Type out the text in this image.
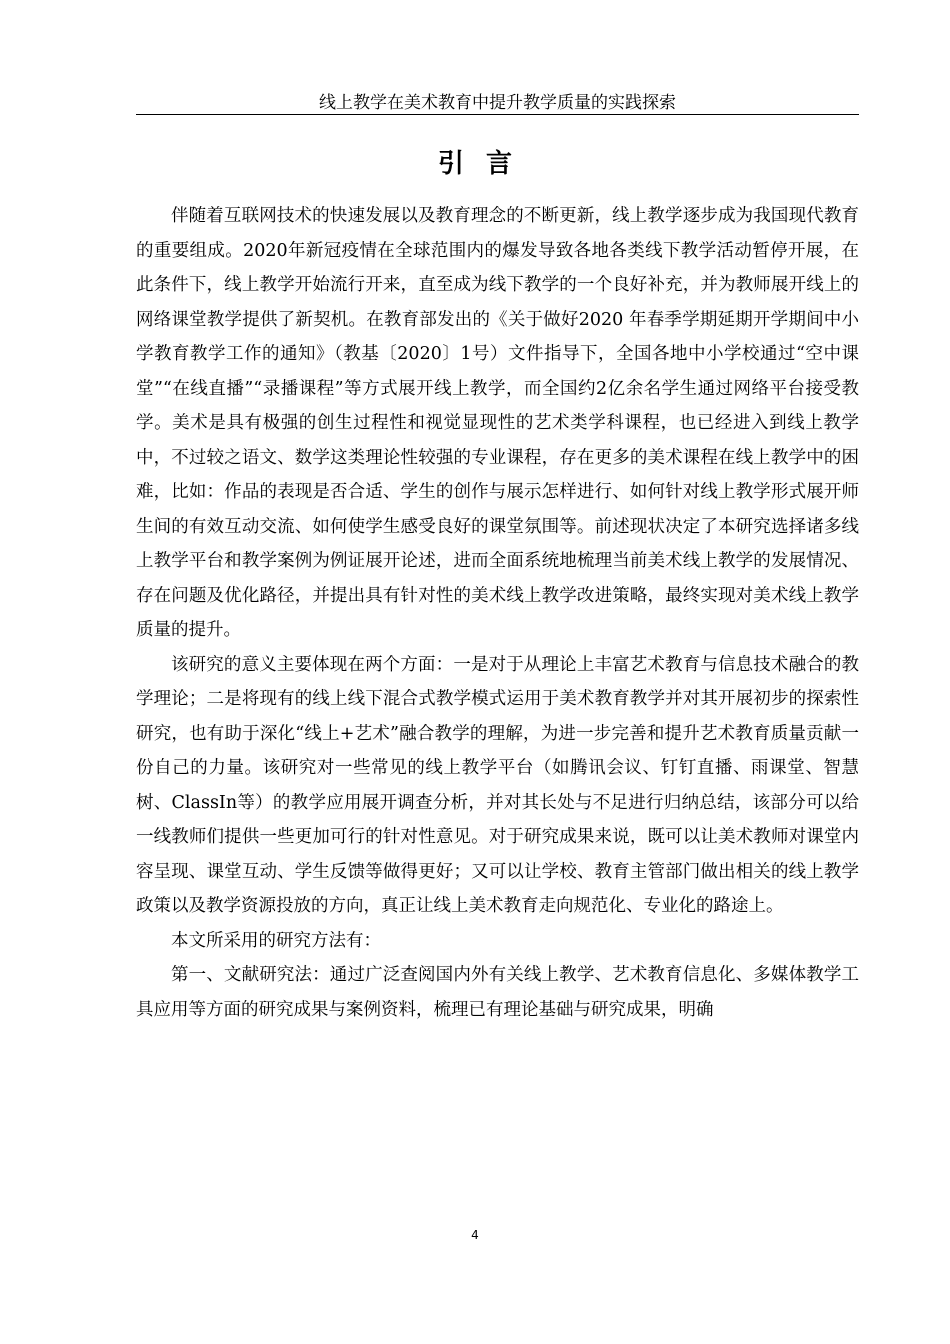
线上教学在美术教育中提升教学质量的实践探索
引言

伴随着互联网技术的快速发展以及教育理念的不断更新，线上教学逐步成为我国现代教育的重要组成。2020年新冠疫情在全球范围内的爆发导致各地各类线下教学活动暂停开展，在此条件下，线上教学开始流行开来，直至成为线下教学的一个良好补充，并为教师展开线上的网络课堂教学提供了新契机。在教育部发出的《关于做好2020 年春季学期延期开学期间中小学教育教学工作的通知》（教基〔2020〕1号）文件指导下，全国各地中小学校通过“空中课堂”“在线直播”“录播课程”等方式展开线上教学，而全国约2亿余名学生通过网络平台接受教学。美术是具有极强的创生过程性和视觉显现性的艺术类学科课程，也已经进入到线上教学中，不过较之语文、数学这类理论性较强的专业课程，存在更多的美术课程在线上教学中的困难，比如：作品的表现是否合适、学生的创作与展示怎样进行、如何针对线上教学形式展开师生间的有效互动交流、如何使学生感受良好的课堂氛围等。前述现状决定了本研究选择诸多线上教学平台和教学案例为例证展开论述，进而全面系统地梳理当前美术线上教学的发展情况、存在问题及优化路径，并提出具有针对性的美术线上教学改进策略，最终实现对美术线上教学质量的提升。

该研究的意义主要体现在两个方面：一是对于从理论上丰富艺术教育与信息技术融合的教学理论；二是将现有的线上线下混合式教学模式运用于美术教育教学并对其开展初步的探索性研究，也有助于深化“线上+艺术”融合教学的理解，为进一步完善和提升艺术教育质量贡献一份自己的力量。该研究对一些常见的线上教学平台（如腾讯会议、钉钉直播、雨课堂、智慧树、ClassIn等）的教学应用展开调查分析，并对其长处与不足进行归纳总结，该部分可以给一线教师们提供一些更加可行的针对性意见。对于研究成果来说，既可以让美术教师对课堂内容呈现、课堂互动、学生反馈等做得更好；又可以让学校、教育主管部门做出相关的线上教学政策以及教学资源投放的方向，真正让线上美术教育走向规范化、专业化的路途上。

本文所采用的研究方法有：

第一、文献研究法：通过广泛查阅国内外有关线上教学、艺术教育信息化、多媒体教学工具应用等方面的研究成果与案例资料，梳理已有理论基础与研究成果，明确

4
